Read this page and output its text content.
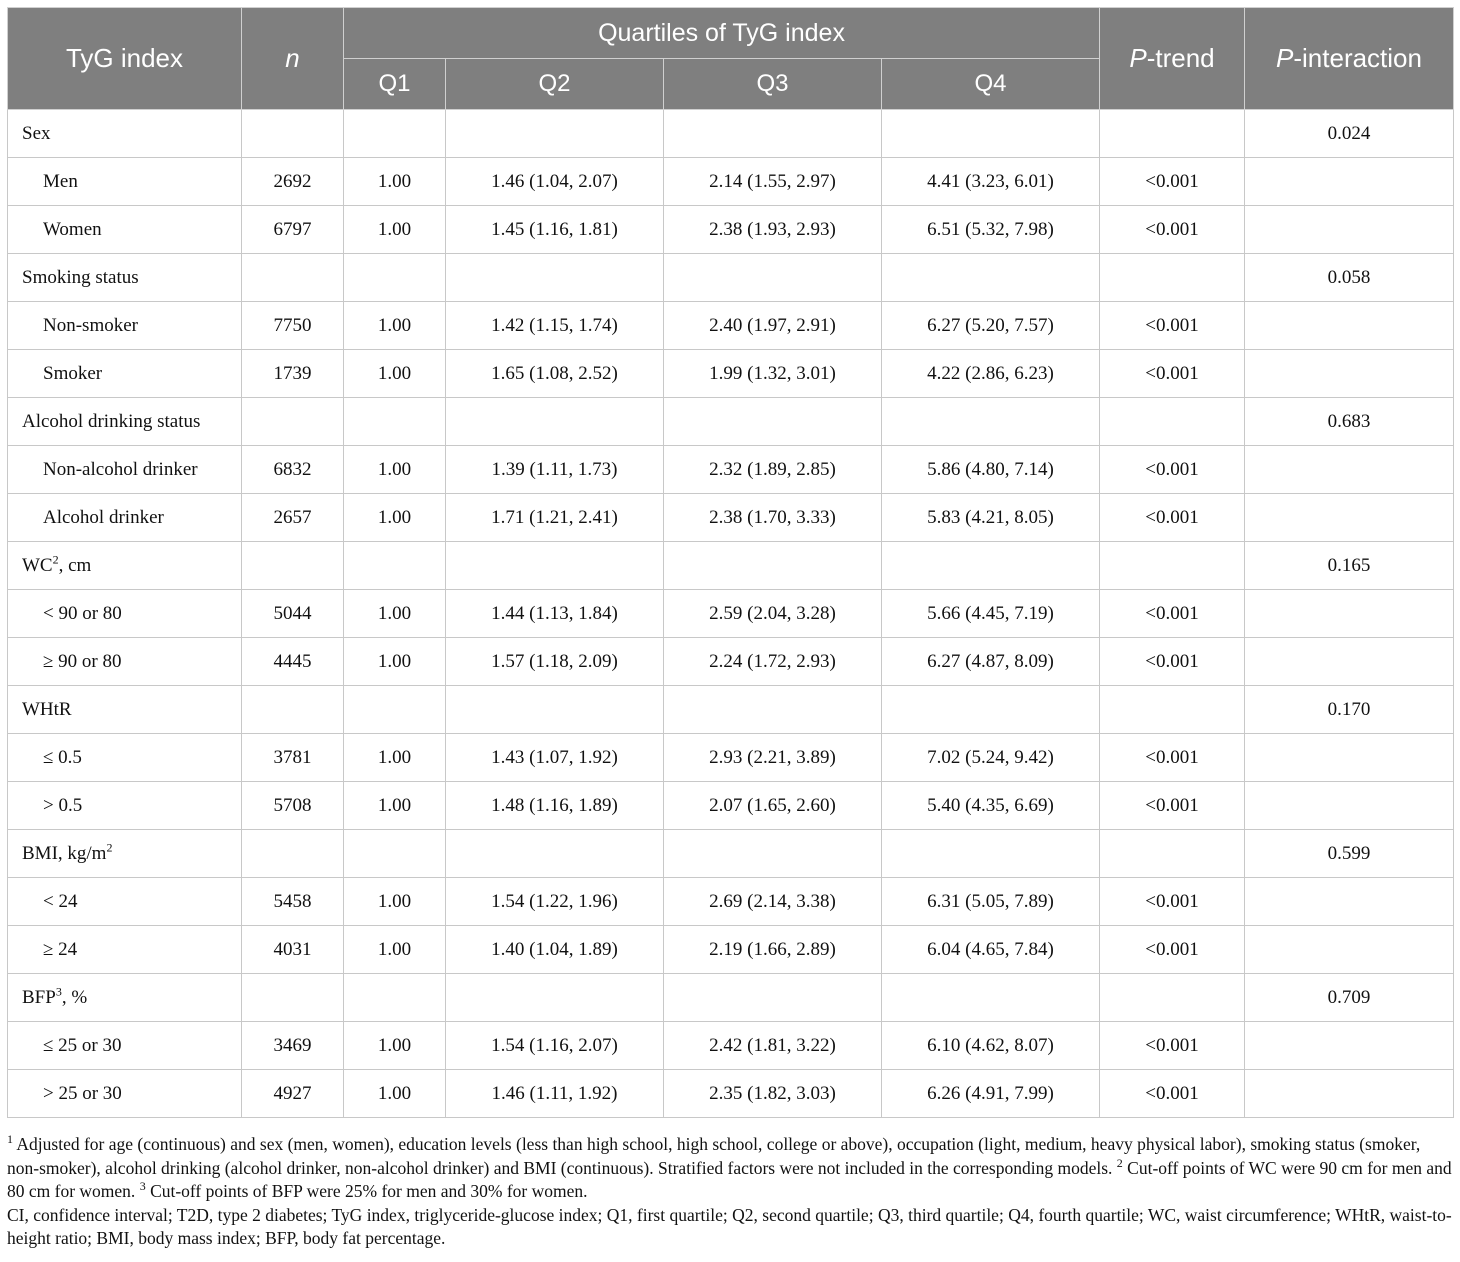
TyG index	n	Quartiles of TyG index				P-trend	P-interaction
		Q1	Q2	Q3	Q4		
Sex							0.024
Men	2692	1.00	1.46 (1.04, 2.07)	2.14 (1.55, 2.97)	4.41 (3.23, 6.01)	<0.001	
Women	6797	1.00	1.45 (1.16, 1.81)	2.38 (1.93, 2.93)	6.51 (5.32, 7.98)	<0.001	
Smoking status							0.058
Non-smoker	7750	1.00	1.42 (1.15, 1.74)	2.40 (1.97, 2.91)	6.27 (5.20, 7.57)	<0.001	
Smoker	1739	1.00	1.65 (1.08, 2.52)	1.99 (1.32, 3.01)	4.22 (2.86, 6.23)	<0.001	
Alcohol drinking status							0.683
Non-alcohol drinker	6832	1.00	1.39 (1.11, 1.73)	2.32 (1.89, 2.85)	5.86 (4.80, 7.14)	<0.001	
Alcohol drinker	2657	1.00	1.71 (1.21, 2.41)	2.38 (1.70, 3.33)	5.83 (4.21, 8.05)	<0.001	
$WC^2$, cm							0.165
< 90 or 80	5044	1.00	1.44 (1.13, 1.84)	2.59 (2.04, 3.28)	5.66 (4.45, 7.19)	<0.001	
≥ 90 or 80	4445	1.00	1.57 (1.18, 2.09)	2.24 (1.72, 2.93)	6.27 (4.87, 8.09)	<0.001	
WHtR							0.170
≤ 0.5	3781	1.00	1.43 (1.07, 1.92)	2.93 (2.21, 3.89)	7.02 (5.24, 9.42)	<0.001	
> 0.5	5708	1.00	1.48 (1.16, 1.89)	2.07 (1.65, 2.60)	5.40 (4.35, 6.69)	<0.001	
BMI, $kg/m^2$							0.599
< 24	5458	1.00	1.54 (1.22, 1.96)	2.69 (2.14, 3.38)	6.31 (5.05, 7.89)	<0.001	
≥ 24	4031	1.00	1.40 (1.04, 1.89)	2.19 (1.66, 2.89)	6.04 (4.65, 7.84)	<0.001	
BFP$^3$, %							0.709
≤ 25 or 30	3469	1.00	1.54 (1.16, 2.07)	2.42 (1.81, 3.22)	6.10 (4.62, 8.07)	<0.001	
> 25 or 30	4927	1.00	1.46 (1.11, 1.92)	2.35 (1.82, 3.03)	6.26 (4.91, 7.99)	<0.001	

$^1$ Adjusted for age (continuous) and sex (men, women), education levels (less than high school, high school, college or above), occupation (light, medium, heavy physical labor), smoking status (smoker, non-smoker), alcohol drinking (alcohol drinker, non-alcohol drinker) and BMI (continuous). Stratified factors were not included in the corresponding models. $^2$ Cut-off points of WC were 90 cm for men and 80 cm for women. $^3$ Cut-off points of BFP were 25% for men and 30% for women.

CI, confidence interval; T2D, type 2 diabetes; TyG index, triglyceride-glucose index; Q1, first quartile; Q2, second quartile; Q3, third quartile; Q4, fourth quartile; WC, waist circumference; WHtR, waist-to-height ratio; BMI, body mass index; BFP, body fat percentage.
